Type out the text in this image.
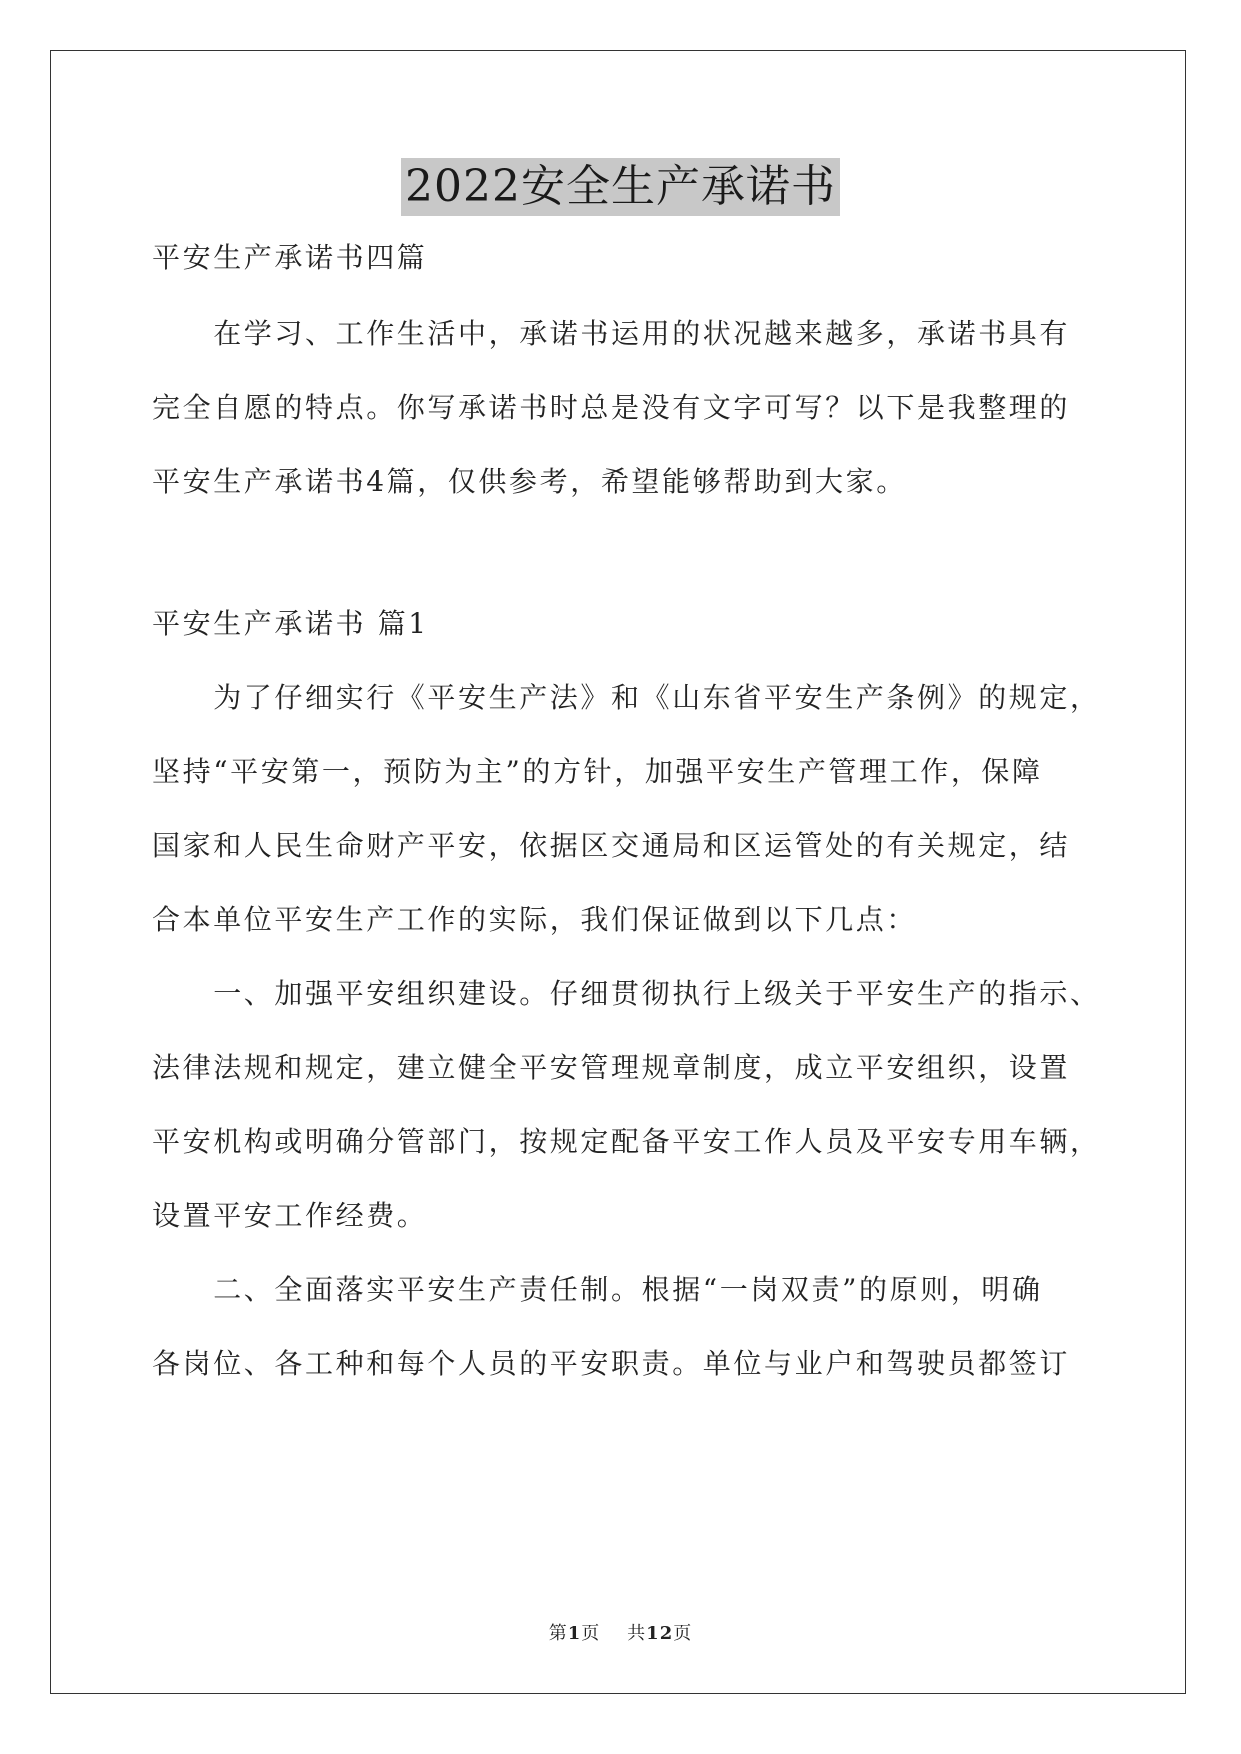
2022安全生产承诺书
平安生产承诺书四篇
　　在学习、工作生活中，承诺书运用的状况越来越多，承诺书具有
完全自愿的特点。你写承诺书时总是没有文字可写？以下是我整理的
平安生产承诺书4篇，仅供参考，希望能够帮助到大家。
平安生产承诺书 篇1
　　为了仔细实行《平安生产法》和《山东省平安生产条例》的规定，
坚持“平安第一，预防为主”的方针，加强平安生产管理工作，保障
国家和人民生命财产平安，依据区交通局和区运管处的有关规定，结
合本单位平安生产工作的实际，我们保证做到以下几点：
　　一、加强平安组织建设。仔细贯彻执行上级关于平安生产的指示、
法律法规和规定，建立健全平安管理规章制度，成立平安组织，设置
平安机构或明确分管部门，按规定配备平安工作人员及平安专用车辆，
设置平安工作经费。
　　二、全面落实平安生产责任制。根据“一岗双责”的原则，明确
各岗位、各工种和每个人员的平安职责。单位与业户和驾驶员都签订
第1页 共12页
